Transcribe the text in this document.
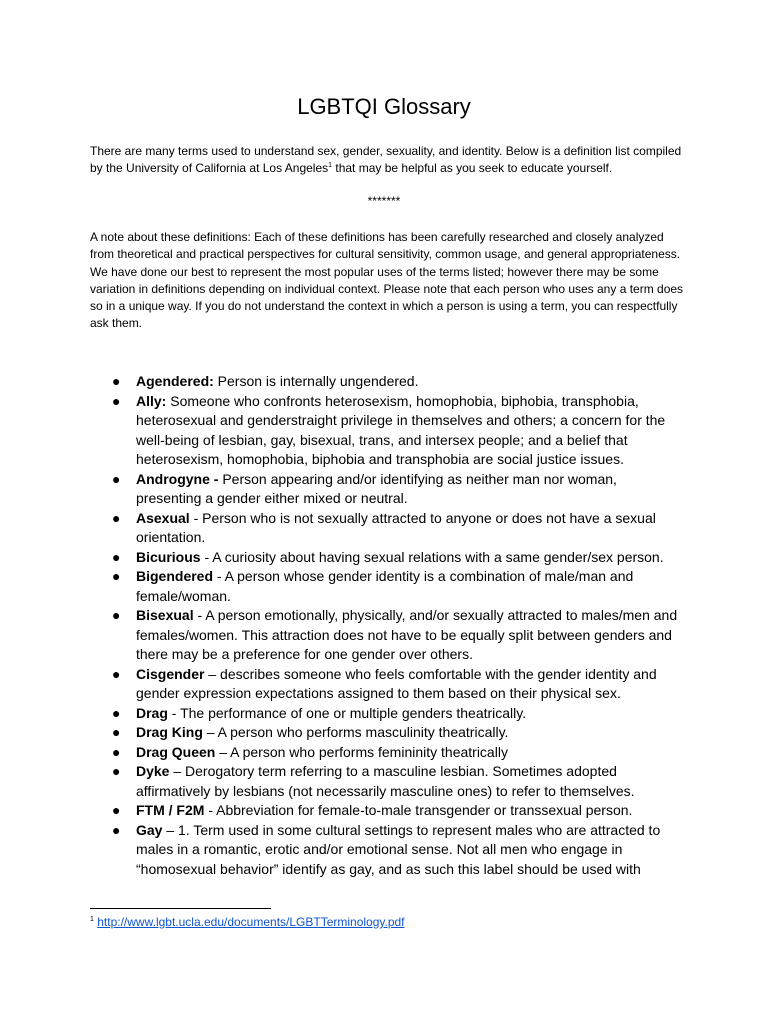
LGBTQI Glossary
There are many terms used to understand sex, gender, sexuality, and identity. Below is a definition list compiled by the University of California at Los Angeles$^1$ that may be helpful as you seek to educate yourself.
*******
A note about these definitions: Each of these definitions has been carefully researched and closely analyzed from theoretical and practical perspectives for cultural sensitivity, common usage, and general appropriateness. We have done our best to represent the most popular uses of the terms listed; however there may be some variation in definitions depending on individual context. Please note that each person who uses any a term does so in a unique way. If you do not understand the context in which a person is using a term, you can respectfully ask them.
● Agendered: Person is internally ungendered.
● Ally: Someone who confronts heterosexism, homophobia, biphobia, transphobia, heterosexual and genderstraight privilege in themselves and others; a concern for the well-being of lesbian, gay, bisexual, trans, and intersex people; and a belief that heterosexism, homophobia, biphobia and transphobia are social justice issues.
● Androgyne - Person appearing and/or identifying as neither man nor woman, presenting a gender either mixed or neutral.
● Asexual - Person who is not sexually attracted to anyone or does not have a sexual orientation.
● Bicurious - A curiosity about having sexual relations with a same gender/sex person.
● Bigendered - A person whose gender identity is a combination of male/man and female/woman.
● Bisexual - A person emotionally, physically, and/or sexually attracted to males/men and females/women. This attraction does not have to be equally split between genders and there may be a preference for one gender over others.
● Cisgender – describes someone who feels comfortable with the gender identity and gender expression expectations assigned to them based on their physical sex.
● Drag - The performance of one or multiple genders theatrically.
● Drag King – A person who performs masculinity theatrically.
● Drag Queen – A person who performs femininity theatrically
● Dyke – Derogatory term referring to a masculine lesbian. Sometimes adopted affirmatively by lesbians (not necessarily masculine ones) to refer to themselves.
● FTM / F2M - Abbreviation for female-to-male transgender or transsexual person.
● Gay – 1. Term used in some cultural settings to represent males who are attracted to males in a romantic, erotic and/or emotional sense. Not all men who engage in “homosexual behavior” identify as gay, and as such this label should be used with
$^1$ http://www.lgbt.ucla.edu/documents/LGBTTerminology.pdf
